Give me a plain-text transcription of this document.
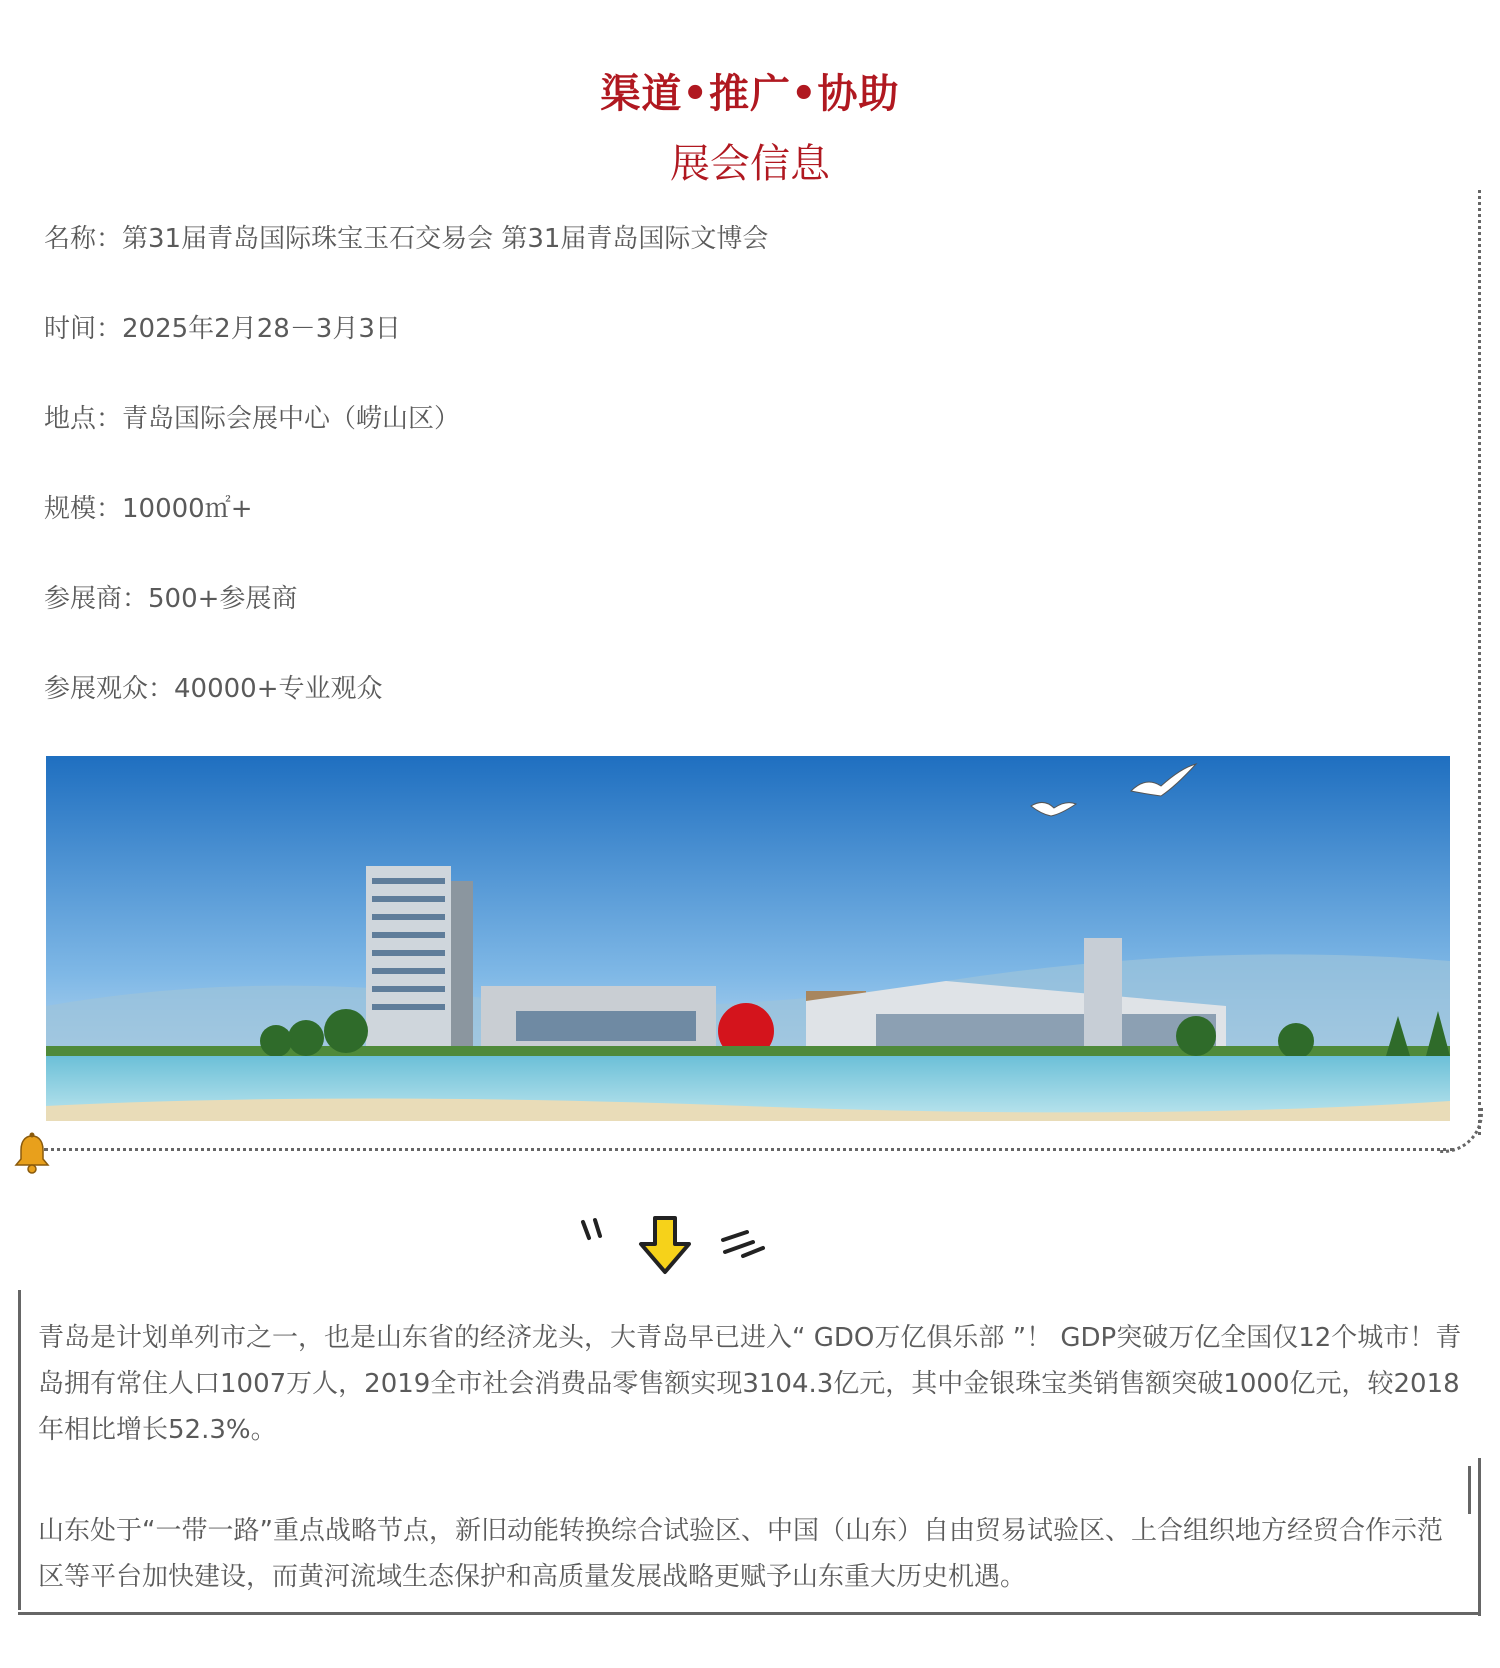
渠道•推广•协助
展会信息
名称：第31届青岛国际珠宝玉石交易会 第31届青岛国际文博会
时间：2025年2月28－3月3日
地点：青岛国际会展中心（崂山区）
规模：10000㎡+
参展商：500+参展商
参展观众：40000+专业观众
青岛是计划单列市之一，也是山东省的经济龙头，大青岛早已进入“ GDO万亿俱乐部 ”！ GDP突破万亿全国仅12个城市！青岛拥有常住人口1007万人，2019全市社会消费品零售额实现3104.3亿元，其中金银珠宝类销售额突破1000亿元，较2018年相比增长52.3%。
山东处于“一带一路”重点战略节点，新旧动能转换综合试验区、中国（山东）自由贸易试验区、上合组织地方经贸合作示范区等平台加快建设，而黄河流域生态保护和高质量发展战略更赋予山东重大历史机遇。
